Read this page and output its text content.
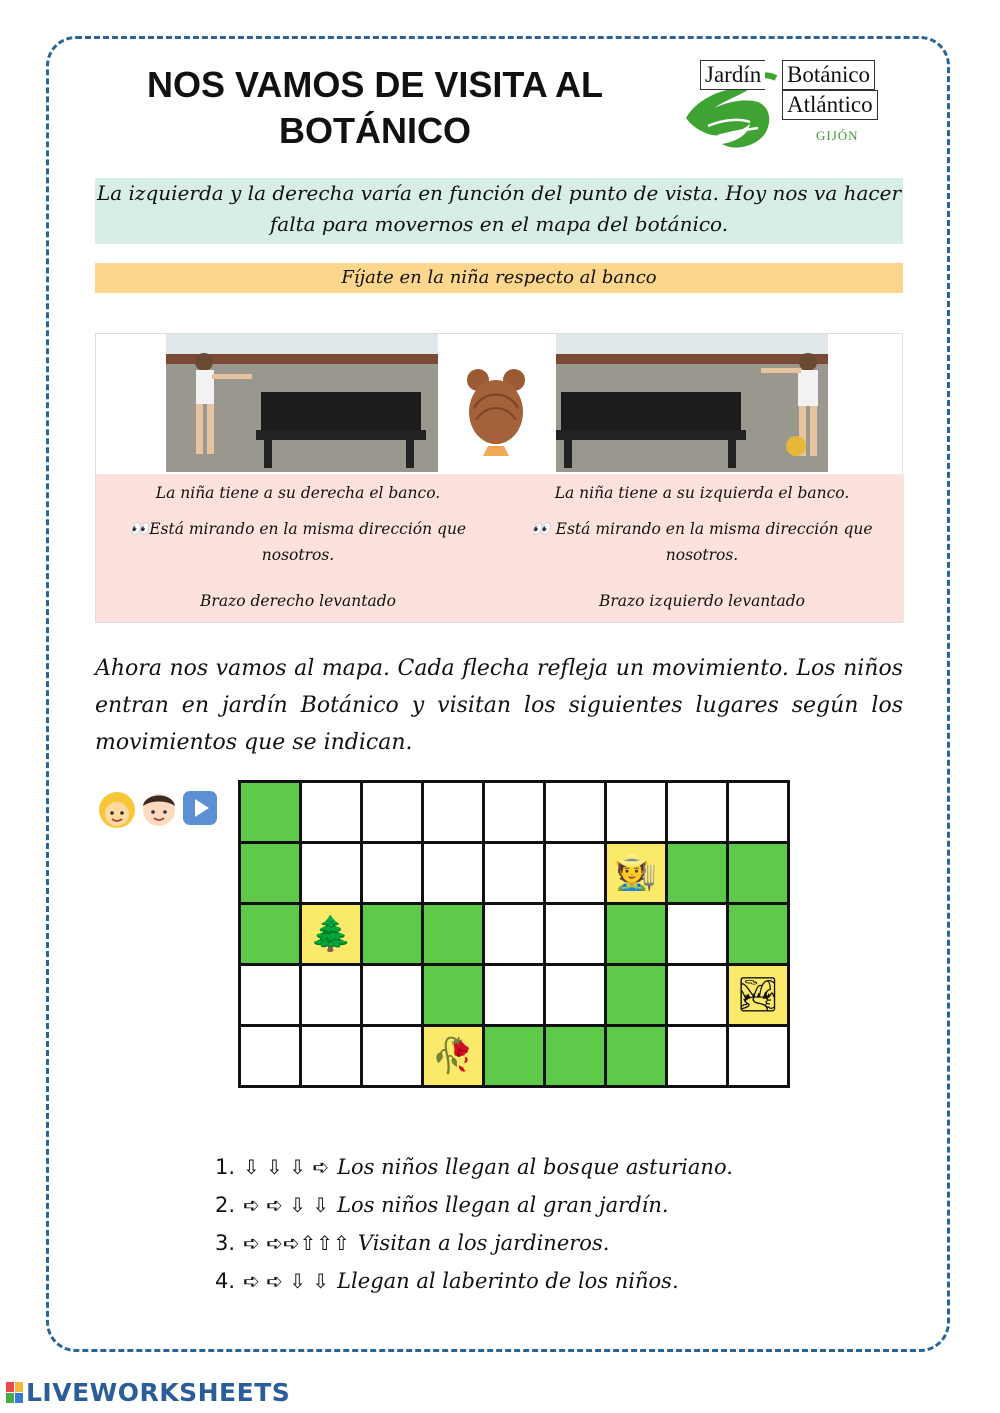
NOS VAMOS DE VISITA AL BOTÁNICO
Jardín Botánico
Atlántico
GIJÓN
La izquierda y la derecha varía en función del punto de vista. Hoy nos va hacer falta para movernos en el mapa del botánico.
Fíjate en la niña respecto al banco
La niña tiene a su derecha el banco.
👀Está mirando en la misma dirección que nosotros.
Brazo derecho levantado
La niña tiene a su izquierda el banco.
👀 Está mirando en la misma dirección que nosotros.
Brazo izquierdo levantado
Ahora nos vamos al mapa. Cada flecha refleja un movimiento. Los niños entran en jardín Botánico y visitan los siguientes lugares según los movimientos que se indican.

						🧑‍🌾		
	🌲							
								🏞
			🥀					
1. ⇩ ⇩ ⇩ ➪ Los niños llegan al bosque asturiano.
2. ➪ ➪ ⇩ ⇩ Los niños llegan al gran jardín.
3. ➪ ➪➪⇧⇧⇧ Visitan a los jardineros.
4. ➪ ➪ ⇩ ⇩ Llegan al laberinto de los niños.
LIVEWORKSHEETS
